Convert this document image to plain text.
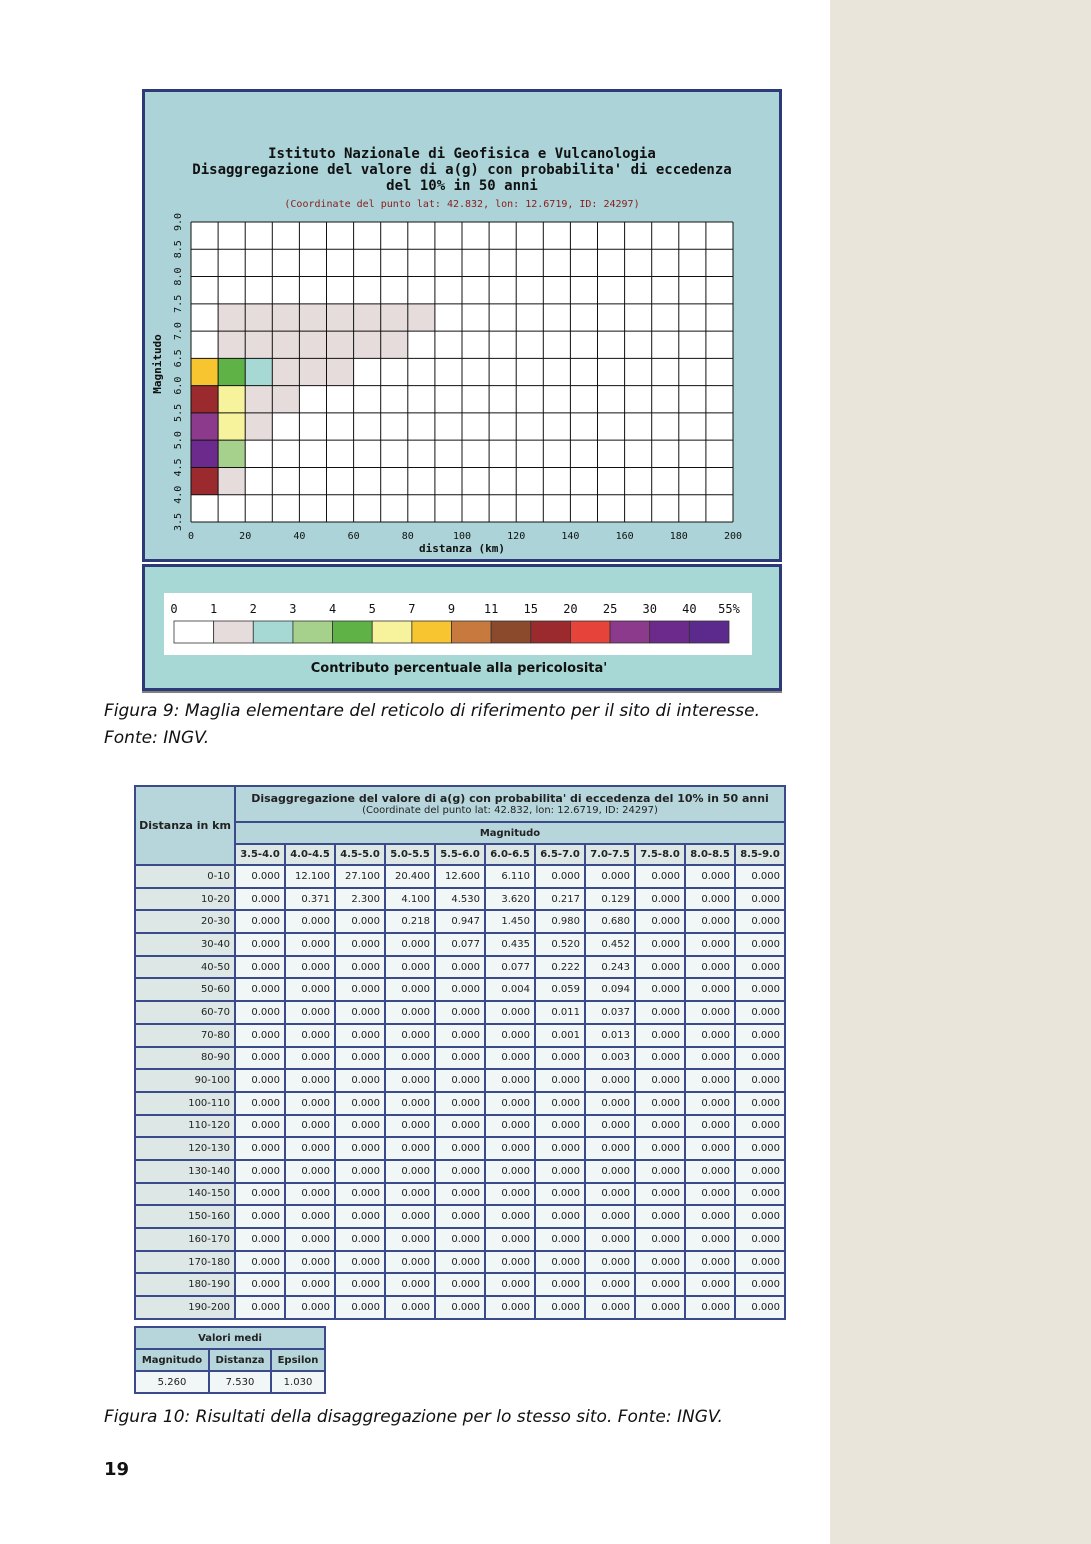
Istituto Nazionale di Geofisica e Vulcanologia
Disaggregazione del valore di a(g) con probabilita' di eccedenza
del 10% in 50 anni
(Coordinate del punto lat: 42.832, lon: 12.6719, ID: 24297)
0	20	40	60	80	100	120	140	160	180	200
3.5
4.0
4.5
5.0
5.5
6.0
6.5
7.0
7.5
8.0
8.5
9.0
distanza (km)
Magnitudo
0	1	2	3	4	5	7	9 11 15 20 25 30 40 55%
Contributo percentuale alla pericolosita'
Figura 9: Maglia elementare del reticolo di riferimento per il sito di interesse.
Fonte: INGV.
Distanza in km	Disaggregazione del valore di a(g) con probabilita' di eccedenza del 10% in 50 anni
(Coordinate del punto lat: 42.832, lon: 12.6719, ID: 24297)										

	Magnitudo										
	3.5-4.0	4.0-4.5	4.5-5.0	5.0-5.5	5.5-6.0	6.0-6.5	6.5-7.0	7.0-7.5	7.5-8.0	8.0-8.5	8.5-9.0
0-10	0.000	12.100	27.100	20.400	12.600	6.110	0.000	0.000	0.000	0.000	0.000
10-20	0.000	0.371	2.300	4.100	4.530	3.620	0.217	0.129	0.000	0.000	0.000
20-30	0.000	0.000	0.000	0.218	0.947	1.450	0.980	0.680	0.000	0.000	0.000
30-40	0.000	0.000	0.000	0.000	0.077	0.435	0.520	0.452	0.000	0.000	0.000
40-50	0.000	0.000	0.000	0.000	0.000	0.077	0.222	0.243	0.000	0.000	0.000
50-60	0.000	0.000	0.000	0.000	0.000	0.004	0.059	0.094	0.000	0.000	0.000
60-70	0.000	0.000	0.000	0.000	0.000	0.000	0.011	0.037	0.000	0.000	0.000
70-80	0.000	0.000	0.000	0.000	0.000	0.000	0.001	0.013	0.000	0.000	0.000
80-90	0.000	0.000	0.000	0.000	0.000	0.000	0.000	0.003	0.000	0.000	0.000
90-100	0.000	0.000	0.000	0.000	0.000	0.000	0.000	0.000	0.000	0.000	0.000
100-110	0.000	0.000	0.000	0.000	0.000	0.000	0.000	0.000	0.000	0.000	0.000
110-120	0.000	0.000	0.000	0.000	0.000	0.000	0.000	0.000	0.000	0.000	0.000
120-130	0.000	0.000	0.000	0.000	0.000	0.000	0.000	0.000	0.000	0.000	0.000
130-140	0.000	0.000	0.000	0.000	0.000	0.000	0.000	0.000	0.000	0.000	0.000
140-150	0.000	0.000	0.000	0.000	0.000	0.000	0.000	0.000	0.000	0.000	0.000
150-160	0.000	0.000	0.000	0.000	0.000	0.000	0.000	0.000	0.000	0.000	0.000
160-170	0.000	0.000	0.000	0.000	0.000	0.000	0.000	0.000	0.000	0.000	0.000
170-180	0.000	0.000	0.000	0.000	0.000	0.000	0.000	0.000	0.000	0.000	0.000
180-190	0.000	0.000	0.000	0.000	0.000	0.000	0.000	0.000	0.000	0.000	0.000
190-200	0.000	0.000	0.000	0.000	0.000	0.000	0.000	0.000	0.000	0.000	0.000
Valori medi		
Magnitudo	Distanza	Epsilon
5.260	7.530	1.030
Figura 10: Risultati della disaggregazione per lo stesso sito. Fonte: INGV.
19
